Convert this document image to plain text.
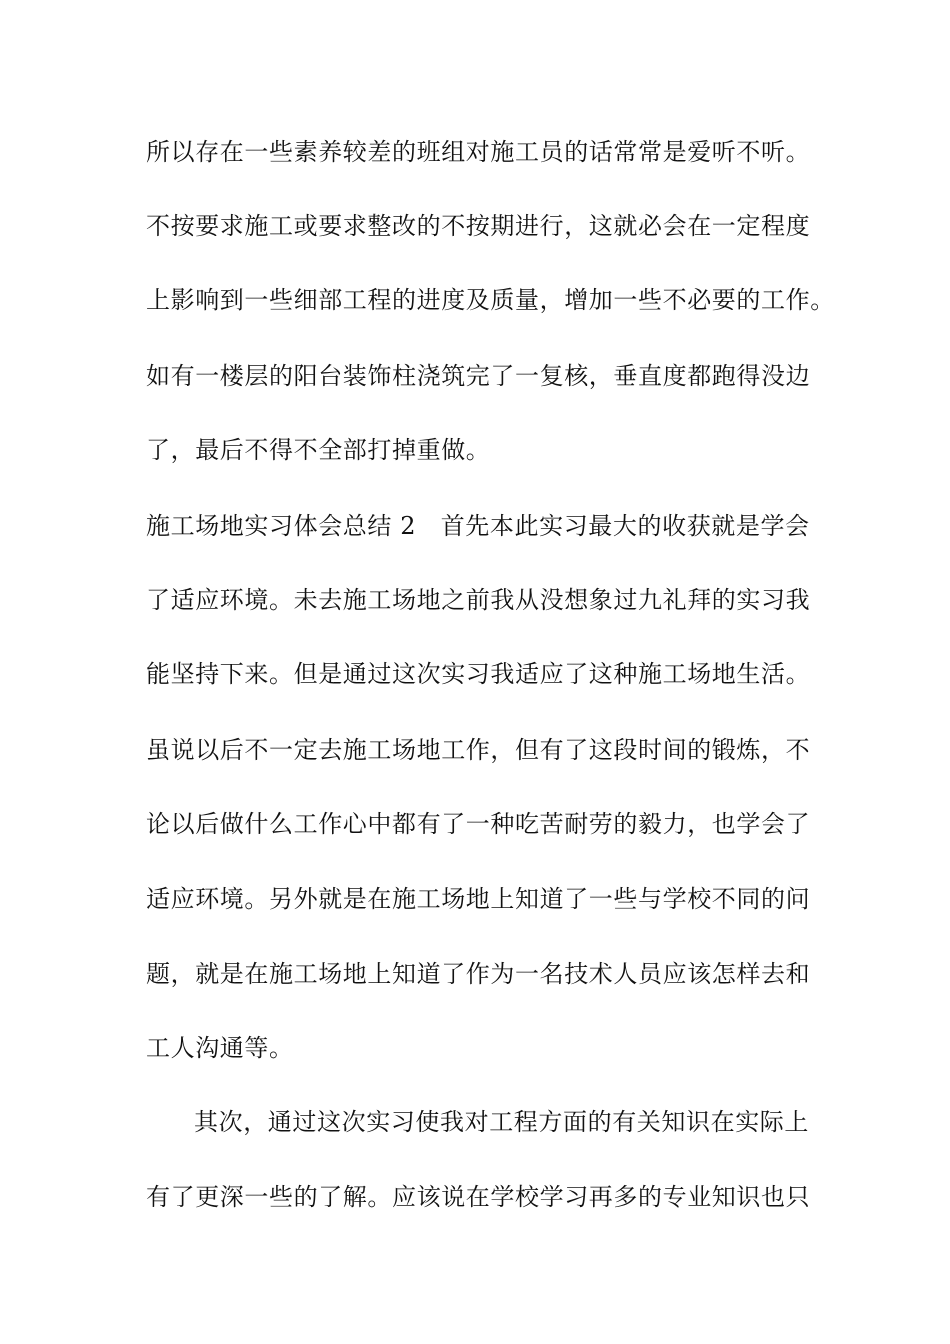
所以存在一些素养较差的班组对施工员的话常常是爱听不听。

不按要求施工或要求整改的不按期进行，这就必会在一定程度

上影响到一些细部工程的进度及质量，增加一些不必要的工作。

如有一楼层的阳台装饰柱浇筑完了一复核，垂直度都跑得没边

了，最后不得不全部打掉重做。

施工场地实习体会总结 2　首先本此实习最大的收获就是学会

了适应环境。未去施工场地之前我从没想象过九礼拜的实习我

能坚持下来。但是通过这次实习我适应了这种施工场地生活。

虽说以后不一定去施工场地工作，但有了这段时间的锻炼，不

论以后做什么工作心中都有了一种吃苦耐劳的毅力，也学会了

适应环境。另外就是在施工场地上知道了一些与学校不同的问

题，就是在施工场地上知道了作为一名技术人员应该怎样去和

工人沟通等。

其次，通过这次实习使我对工程方面的有关知识在实际上

有了更深一些的了解。应该说在学校学习再多的专业知识也只
